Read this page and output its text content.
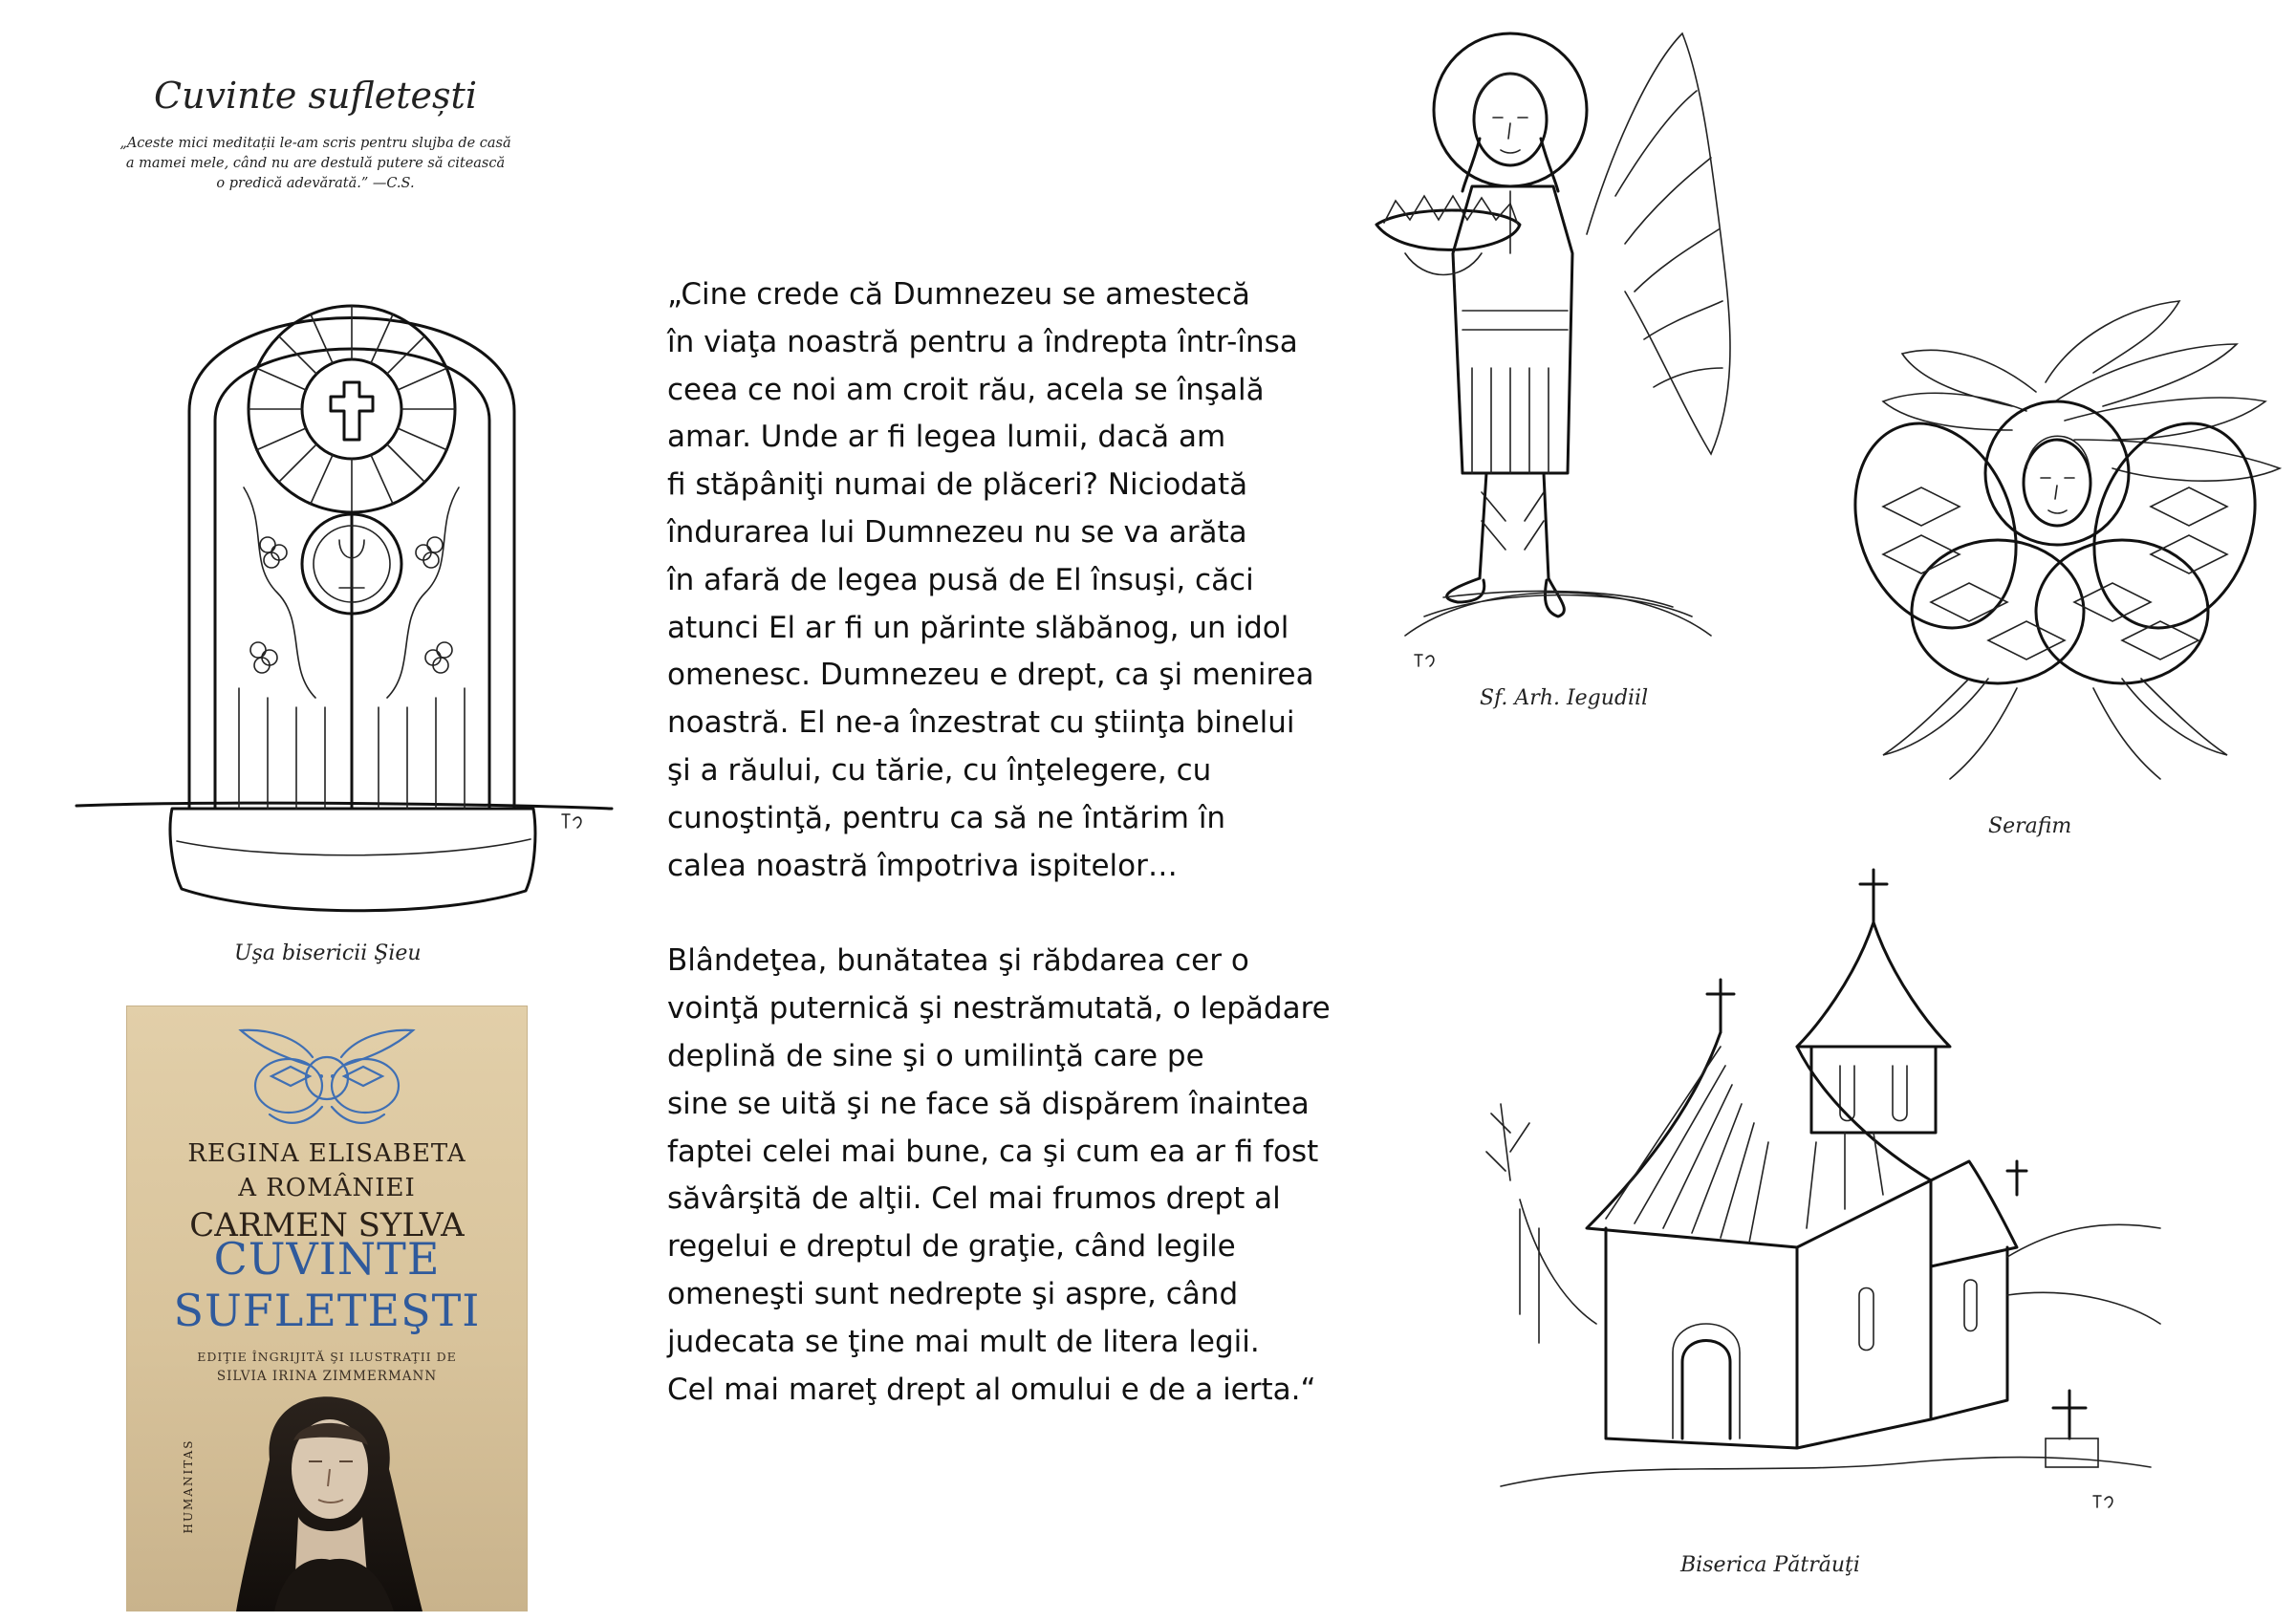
Cuvinte sufletești
„Aceste mici meditații le-am scris pentru slujba de casă
a mamei mele, când nu are destulă putere să citească
o predică adevărată.” —C.S.
Uşa bisericii Şieu

„Cine crede că Dumnezeu se amestecă
în viaţa noastră pentru a îndrepta într-însa
ceea ce noi am croit rău, acela se înşală
amar. Unde ar fi legea lumii, dacă am
fi stăpâniţi numai de plăceri? Niciodată
îndurarea lui Dumnezeu nu se va arăta
în afară de legea pusă de El însuşi, căci
atunci El ar fi un părinte slăbănog, un idol
omenesc. Dumnezeu e drept, ca şi menirea
noastră. El ne-a înzestrat cu ştiinţa binelui
şi a răului, cu tărie, cu înţelegere, cu
cunoştinţă, pentru ca să ne întărim în
calea noastră împotriva ispitelor…

Blândeţea, bunătatea şi răbdarea cer o
voinţă puternică şi nestrămutată, o lepădare
deplină de sine şi o umilinţă care pe
sine se uită şi ne face să dispărem înaintea
faptei celei mai bune, ca şi cum ea ar fi fost
săvârşită de alţii. Cel mai frumos drept al
regelui e dreptul de graţie, când legile
omeneşti sunt nedrepte şi aspre, când
judecata se ţine mai mult de litera legii.
Cel mai mareţ drept al omului e de a ierta.“

Sf. Arh. Iegudiil
Serafim
Biserica Pătrăuţi
REGINA ELISABETA
A ROMÂNIEI
CARMEN SYLVA
CUVINTE
SUFLETEŞTI
EDIŢIE ÎNGRIJITĂ ŞI ILUSTRAŢII DE
SILVIA IRINA ZIMMERMANN
HUMANITAS
